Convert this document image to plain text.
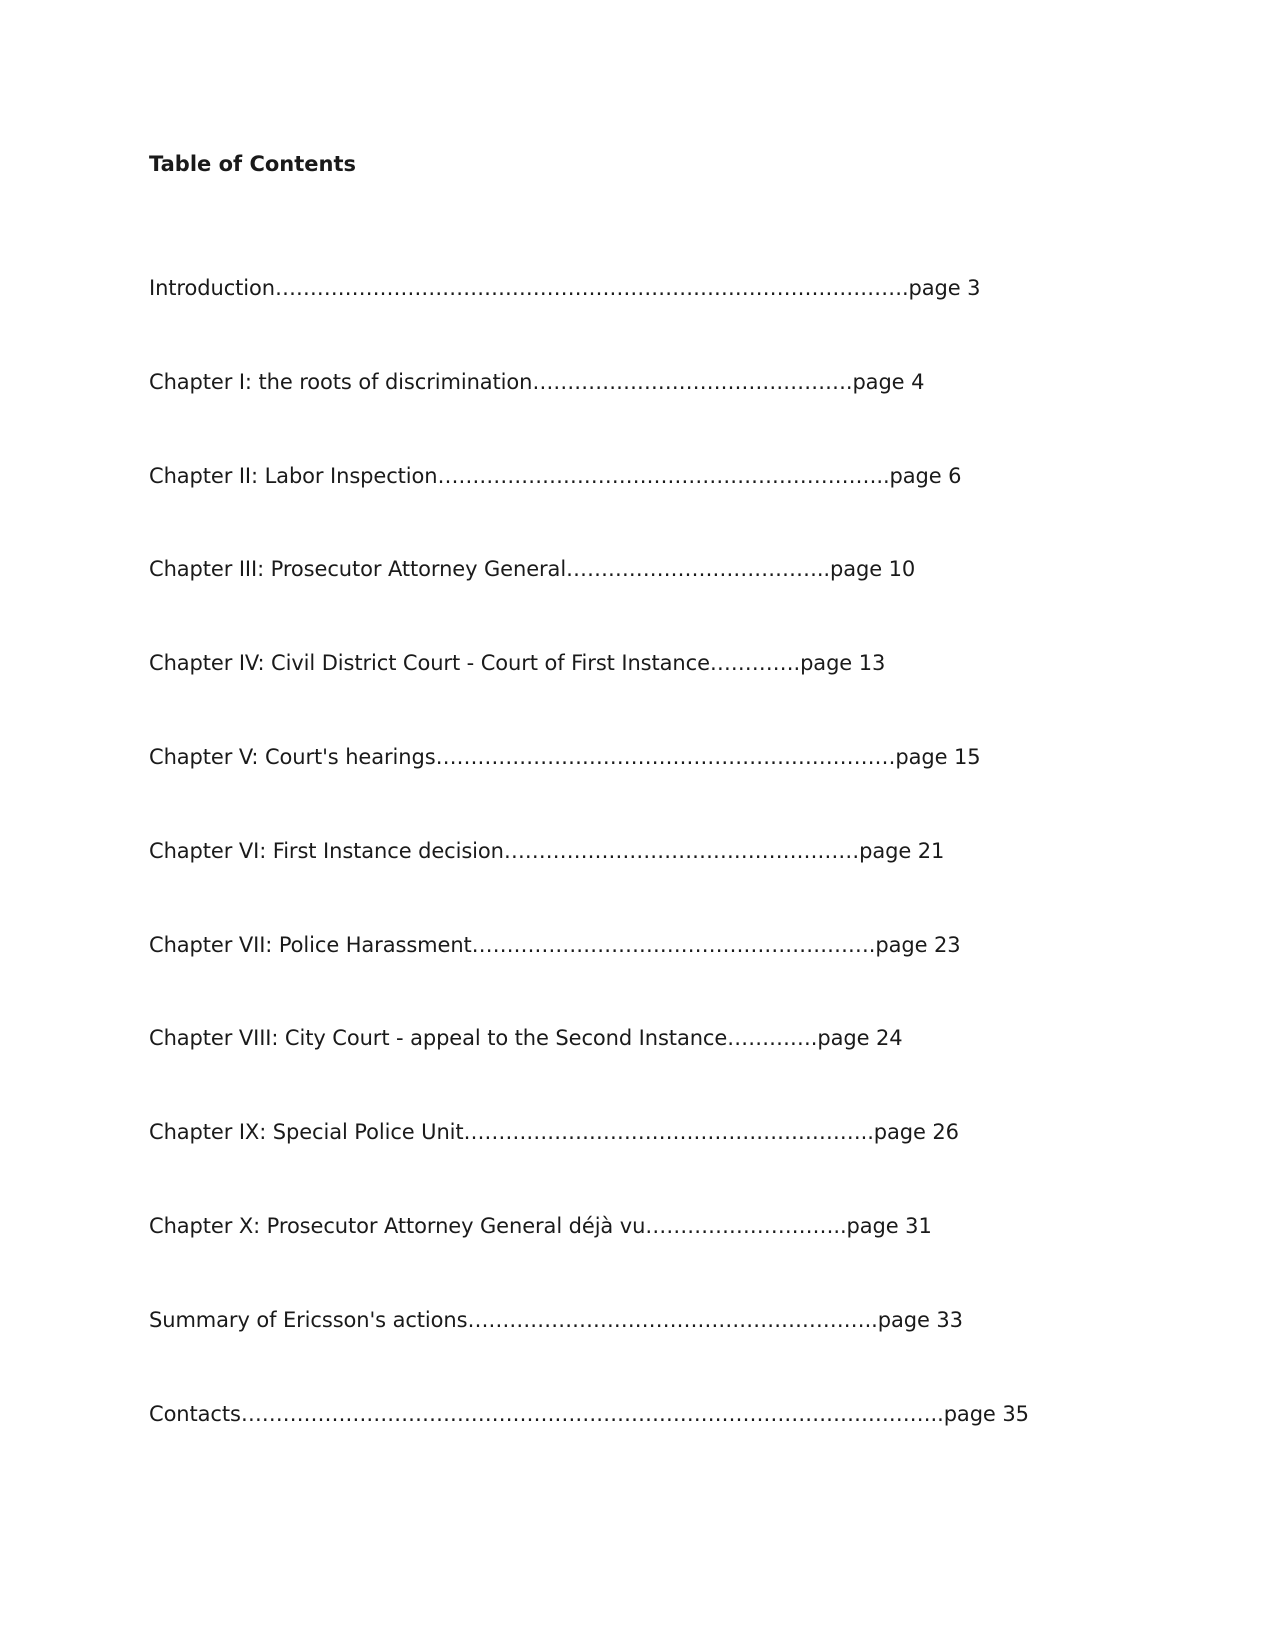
Table of Contents
Introduction……………………………………………………………………………….page 3
Chapter I: the roots of discrimination……………………………………….page 4
Chapter II: Labor Inspection………………………………………………………..page 6
Chapter III: Prosecutor Attorney General………………………………..page 10
Chapter IV: Civil District Court - Court of First Instance………….page 13
Chapter V: Court's hearings…………………………………………………………page 15
Chapter VI: First Instance decision……………………………………………page 21
Chapter VII: Police Harassment………………………………………………….page 23
Chapter VIII: City Court - appeal to the Second Instance………….page 24
Chapter IX: Special Police Unit…………………………………………………..page 26
Chapter X: Prosecutor Attorney General déjà vu………………………..page 31
Summary of Ericsson's actions…………………………………………………..page 33
Contacts………………………………………………………………………………………..page 35
